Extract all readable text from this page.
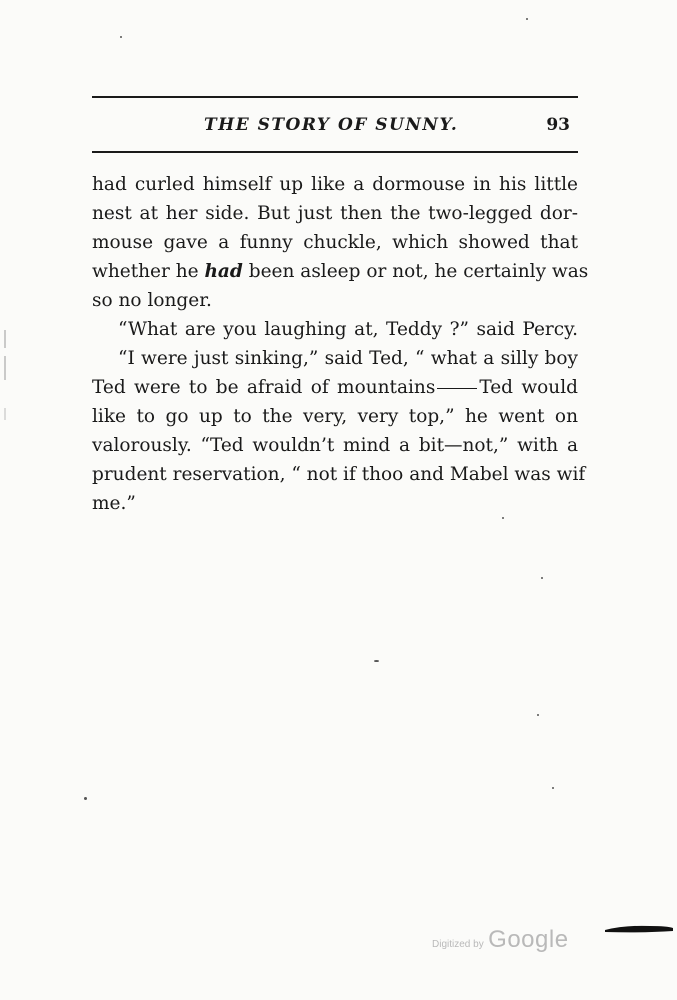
THE STORY OF SUNNY.	93
had curled himself up like a dormouse in his little
nest at her side. But just then the two-legged dor-
mouse gave a funny chuckle, which showed that
whether he had been asleep or not, he certainly was
so no longer.
“What are you laughing at, Teddy ?” said Percy.
“I were just sinking,” said Ted, “ what a silly boy
Ted were to be afraid of mountains Ted would
like to go up to the very, very top,” he went on
valorously. “Ted wouldn’t mind a bit—not,” with a
prudent reservation, “ not if thoo and Mabel was wif
me.”
Digitized by Google
